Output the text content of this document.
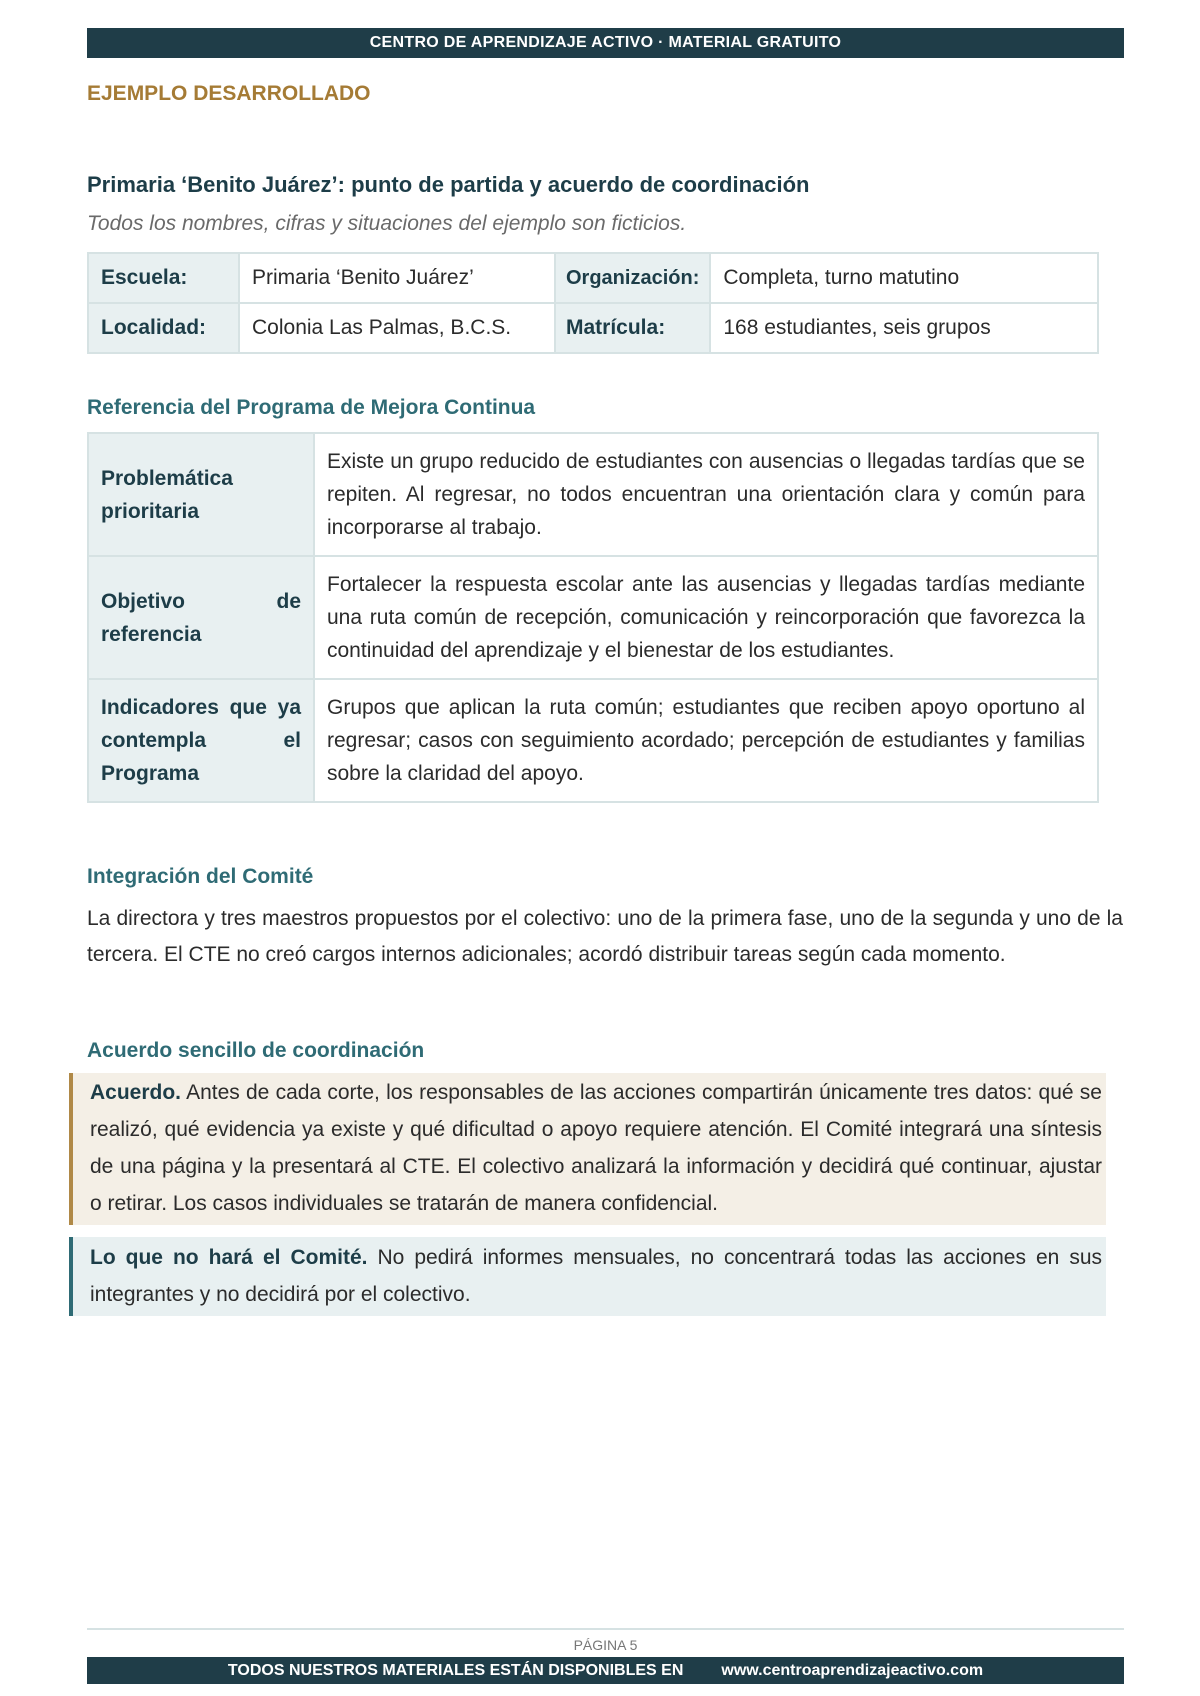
CENTRO DE APRENDIZAJE ACTIVO · MATERIAL GRATUITO
EJEMPLO DESARROLLADO
Primaria ‘Benito Juárez’: punto de partida y acuerdo de coordinación

Todos los nombres, cifras y situaciones del ejemplo son ficticios.

Escuela:	Primaria ‘Benito Juárez’	Organización:	Completa, turno matutino
Localidad:	Colonia Las Palmas, B.C.S.	Matrícula:	168 estudiantes, seis grupos
Referencia del Programa de Mejora Continua
Problemática prioritaria	Existe un grupo reducido de estudiantes con ausencias o llegadas tardías que se repiten. Al regresar, no todos encuentran una orientación clara y común para incorporarse al trabajo.
Objetivo de referencia	Fortalecer la respuesta escolar ante las ausencias y llegadas tardías mediante una ruta común de recepción, comunicación y reincorporación que favorezca la continuidad del aprendizaje y el bienestar de los estudiantes.
Indicadores que ya contempla el Programa	Grupos que aplican la ruta común; estudiantes que reciben apoyo oportuno al regresar; casos con seguimiento acordado; percepción de estudiantes y familias sobre la claridad del apoyo.
Integración del Comité

La directora y tres maestros propuestos por el colectivo: uno de la primera fase, uno de la segunda y uno de la tercera. El CTE no creó cargos internos adicionales; acordó distribuir tareas según cada momento.

Acuerdo sencillo de coordinación
Acuerdo. Antes de cada corte, los responsables de las acciones compartirán únicamente tres datos: qué se realizó, qué evidencia ya existe y qué dificultad o apoyo requiere atención. El Comité integrará una síntesis de una página y la presentará al CTE. El colectivo analizará la información y decidirá qué continuar, ajustar o retirar. Los casos individuales se tratarán de manera confidencial.
Lo que no hará el Comité. No pedirá informes mensuales, no concentrará todas las acciones en sus integrantes y no decidirá por el colectivo.
PÁGINA 5
TODOS NUESTROS MATERIALES ESTÁN DISPONIBLES EN www.centroaprendizajeactivo.com
